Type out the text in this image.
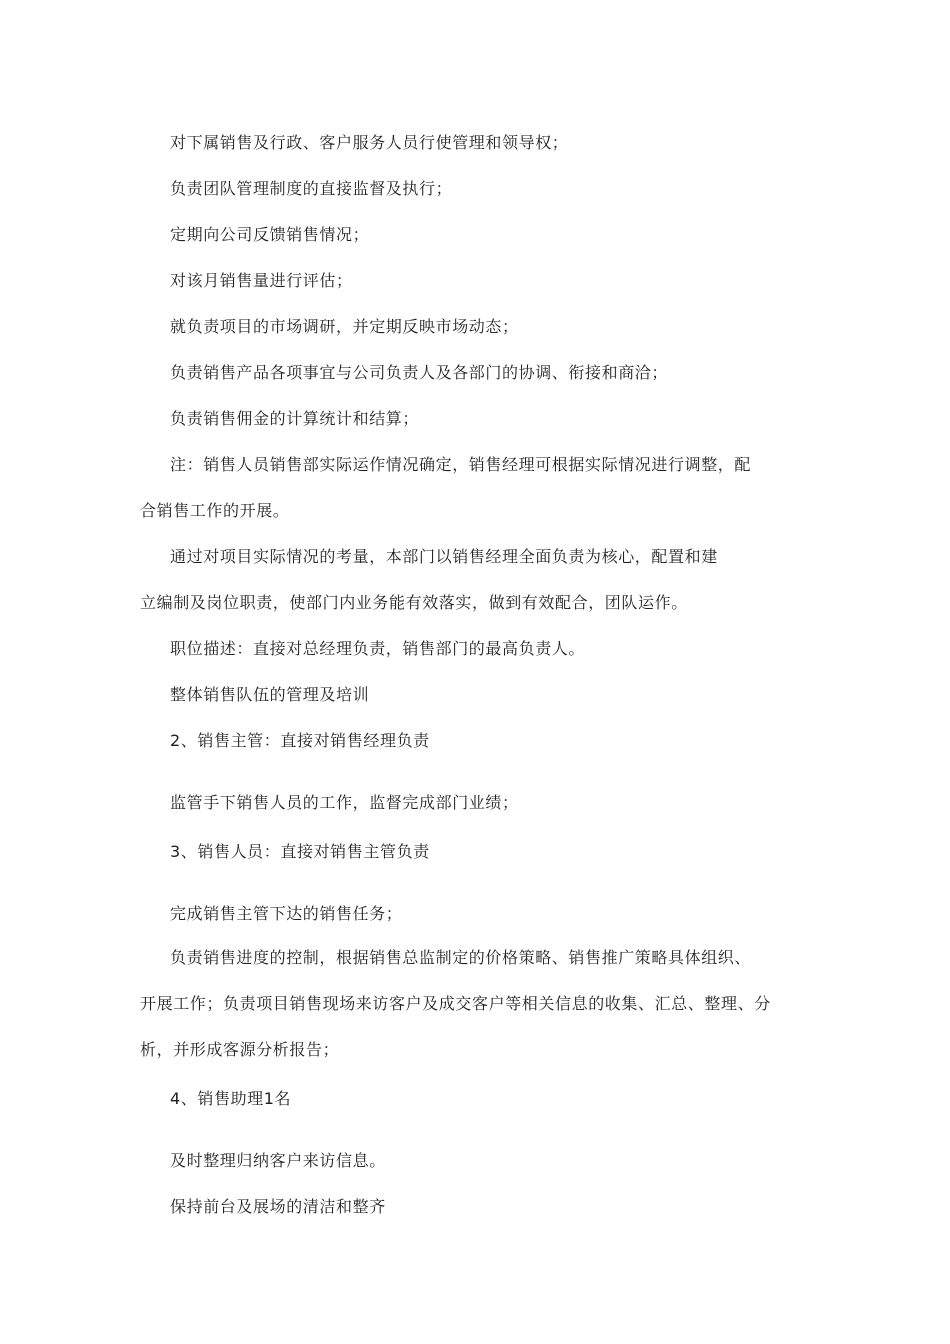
对下属销售及行政、客户服务人员行使管理和领导权；
负责团队管理制度的直接监督及执行；
定期向公司反馈销售情况；
对该月销售量进行评估；
就负责项目的市场调研，并定期反映市场动态；
负责销售产品各项事宜与公司负责人及各部门的协调、衔接和商洽；
负责销售佣金的计算统计和结算；
注：销售人员销售部实际运作情况确定，销售经理可根据实际情况进行调整，配
合销售工作的开展。
通过对项目实际情况的考量，本部门以销售经理全面负责为核心，配置和建
立编制及岗位职责，使部门内业务能有效落实，做到有效配合，团队运作。
职位描述：直接对总经理负责，销售部门的最高负责人。
整体销售队伍的管理及培训
2、销售主管：直接对销售经理负责
监管手下销售人员的工作，监督完成部门业绩；
3、销售人员：直接对销售主管负责
完成销售主管下达的销售任务；
负责销售进度的控制，根据销售总监制定的价格策略、销售推广策略具体组织、
开展工作；负责项目销售现场来访客户及成交客户等相关信息的收集、汇总、整理、分
析，并形成客源分析报告；
4、销售助理1名
及时整理归纳客户来访信息。
保持前台及展场的清洁和整齐
